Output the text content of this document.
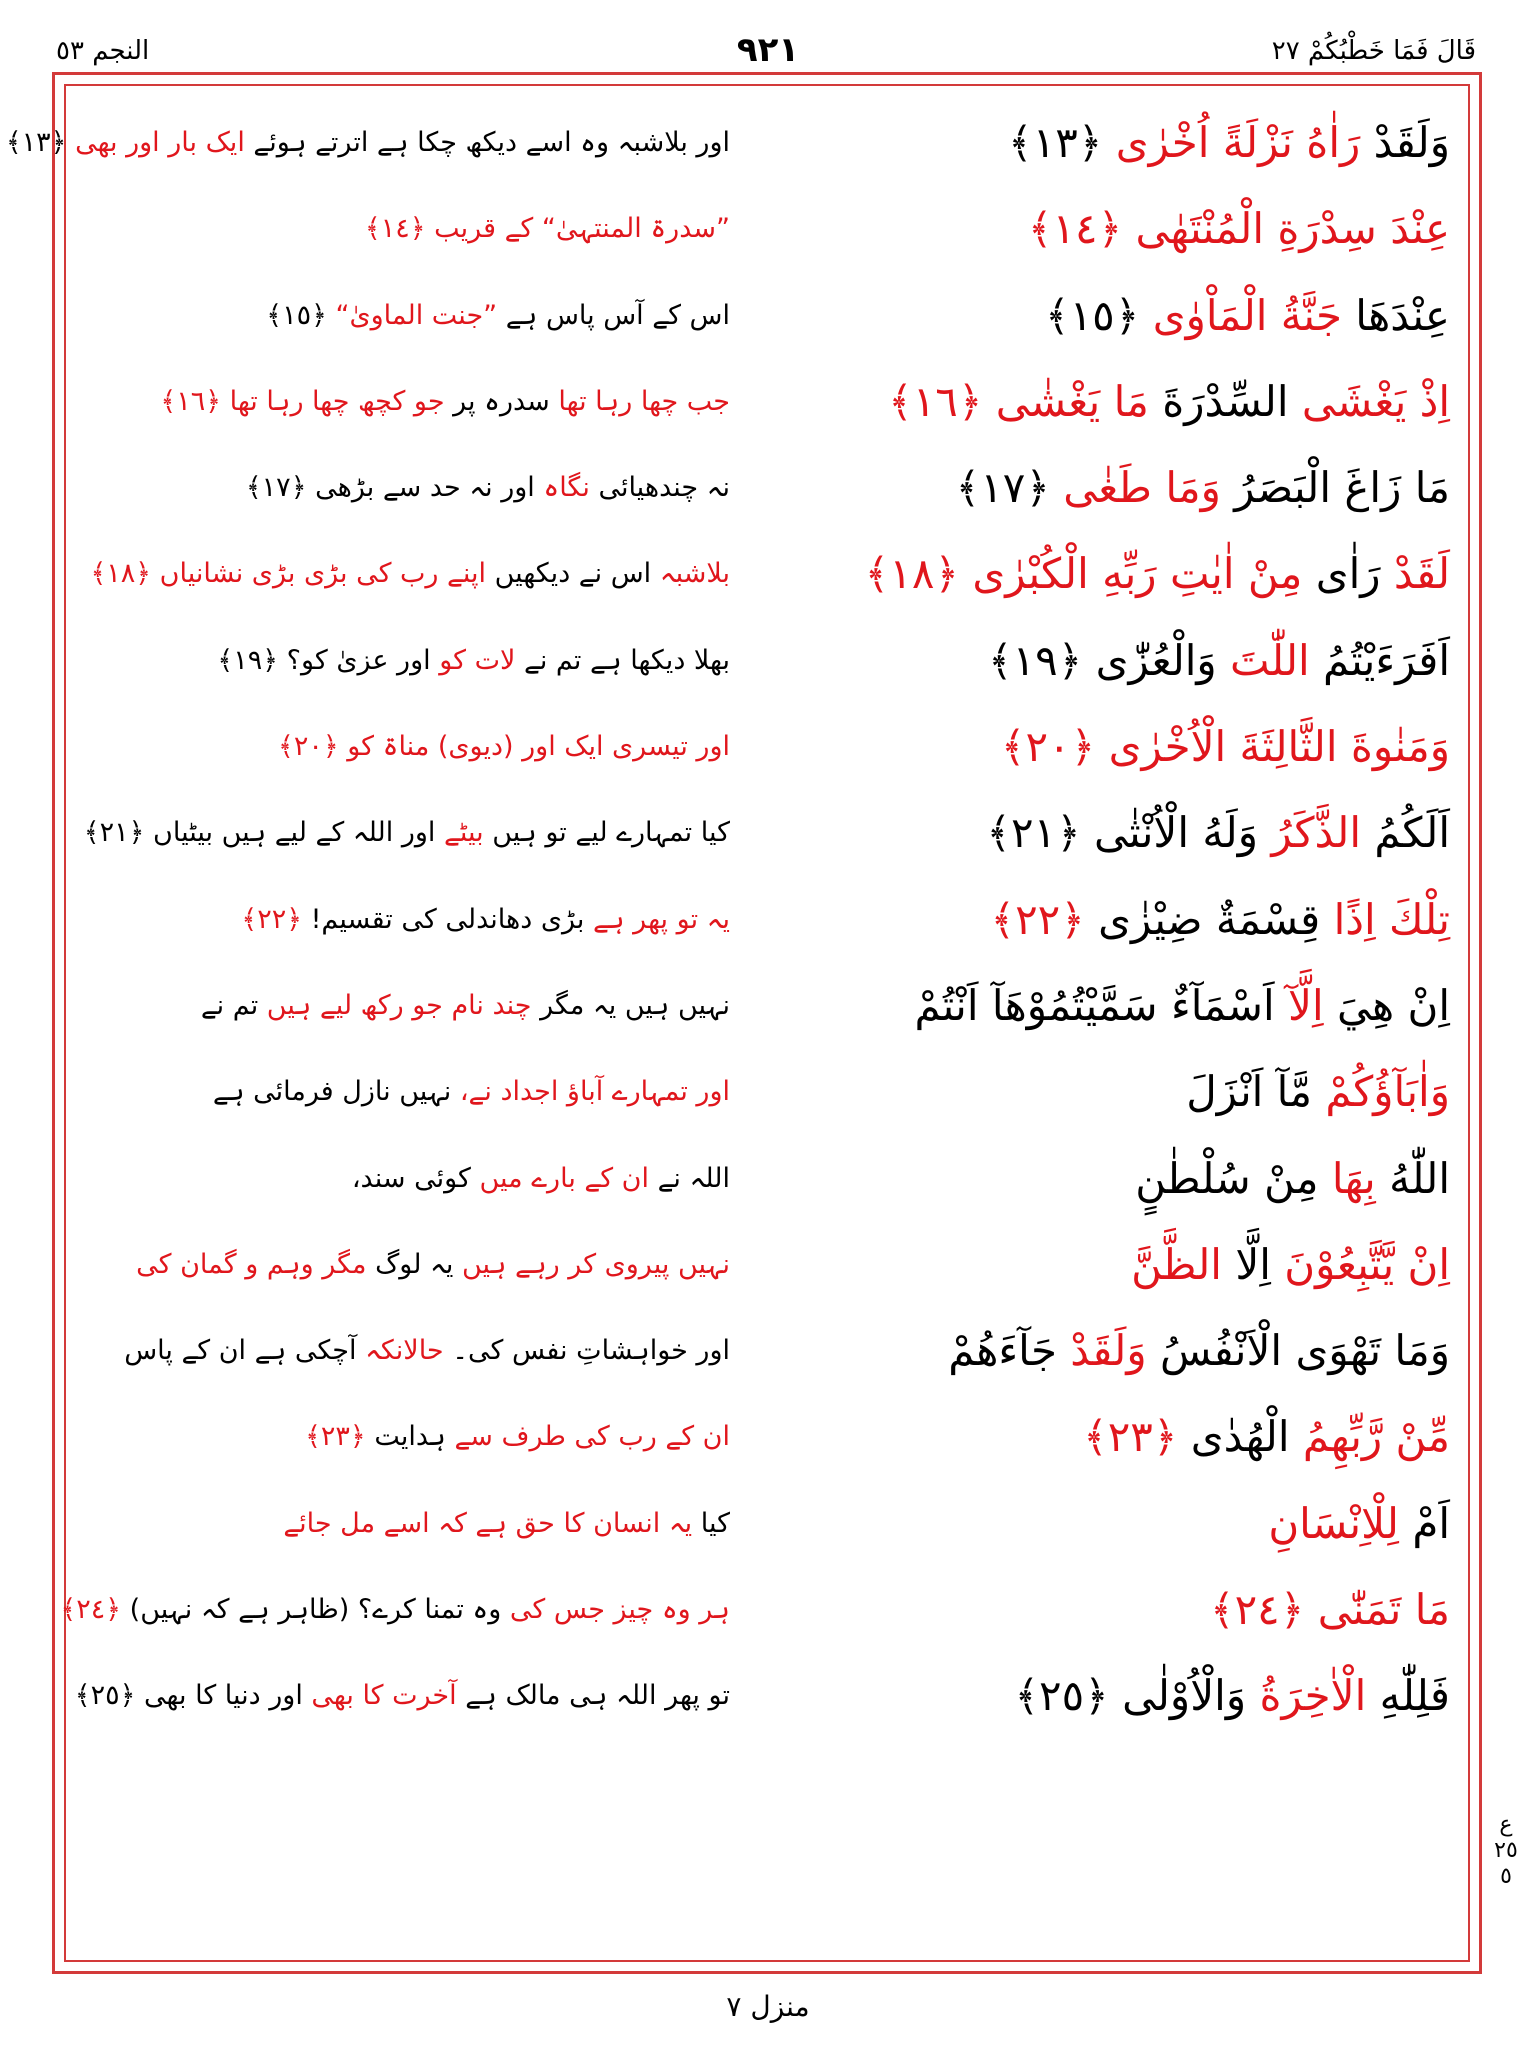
قَالَ فَمَا خَطْبُكُمْ ٢٧
٩٢١
النجم ٥٣
وَلَقَدْ رَاٰهُ نَزْلَةً اُخْرٰى ﴿١٣﴾
اور بلاشبہ وہ اسے دیکھ چکا ہے اترتے ہوئے ایک بار اور بھی ﴿١٣﴾
عِنْدَ سِدْرَةِ الْمُنْتَهٰى ﴿١٤﴾
”سدرۃ المنتہیٰ“ کے قریب ﴿١٤﴾
عِنْدَهَا جَنَّةُ الْمَاْوٰى ﴿١٥﴾
اس کے آس پاس ہے ”جنت الماویٰ“ ﴿١٥﴾
اِذْ يَغْشَى السِّدْرَةَ مَا يَغْشٰى ﴿١٦﴾
جب چھا رہا تھا سدرہ پر جو کچھ چھا رہا تھا ﴿١٦﴾
مَا زَاغَ الْبَصَرُ وَمَا طَغٰى ﴿١٧﴾
نہ چندھیائی نگاہ اور نہ حد سے بڑھی ﴿١٧﴾
لَقَدْ رَاٰى مِنْ اٰيٰتِ رَبِّهِ الْكُبْرٰى ﴿١٨﴾
بلاشبہ اس نے دیکھیں اپنے رب کی بڑی بڑی نشانیاں ﴿١٨﴾
اَفَرَءَيْتُمُ اللّٰتَ وَالْعُزّٰى ﴿١٩﴾
بھلا دیکھا ہے تم نے لات کو اور عزیٰ کو؟ ﴿١٩﴾
وَمَنٰوةَ الثَّالِثَةَ الْاُخْرٰى ﴿٢٠﴾
اور تیسری ایک اور (دیوی) مناۃ کو ﴿٢٠﴾
اَلَكُمُ الذَّكَرُ وَلَهُ الْاُنْثٰى ﴿٢١﴾
کیا تمہارے لیے تو ہیں بیٹے اور اللہ کے لیے ہیں بیٹیاں ﴿٢١﴾
تِلْكَ اِذًا قِسْمَةٌ ضِيْزٰى ﴿٢٢﴾
یہ تو پھر ہے بڑی دھاندلی کی تقسیم! ﴿٢٢﴾
اِنْ هِيَ اِلَّآ اَسْمَآءٌ سَمَّيْتُمُوْهَآ اَنْتُمْ
نہیں ہیں یہ مگر چند نام جو رکھ لیے ہیں تم نے
وَاٰبَآؤُكُمْ مَّآ اَنْزَلَ
اور تمہارے آباؤ اجداد نے، نہیں نازل فرمائی ہے
اللّٰهُ بِهَا مِنْ سُلْطٰنٍ
اللہ نے ان کے بارے میں کوئی سند،
اِنْ يَّتَّبِعُوْنَ اِلَّا الظَّنَّ
نہیں پیروی کر رہے ہیں یہ لوگ مگر وہم و گمان کی
وَمَا تَهْوَى الْاَنْفُسُ وَلَقَدْ جَآءَهُمْ
اور خواہشاتِ نفس کی۔ حالانکہ آچکی ہے ان کے پاس
مِّنْ رَّبِّهِمُ الْهُدٰى ﴿٢٣﴾
ان کے رب کی طرف سے ہدایت ﴿٢٣﴾
اَمْ لِلْاِنْسَانِ
کیا یہ انسان کا حق ہے کہ اسے مل جائے
مَا تَمَنّٰى ﴿٢٤﴾
ہر وہ چیز جس کی وہ تمنا کرے؟ (ظاہر ہے کہ نہیں) ﴿٢٤﴾
فَلِلّٰهِ الْاٰخِرَةُ وَالْاُوْلٰى ﴿٢٥﴾
تو پھر اللہ ہی مالک ہے آخرت کا بھی اور دنیا کا بھی ﴿٢٥﴾
ع ٢٥ ٥
منزل ٧
